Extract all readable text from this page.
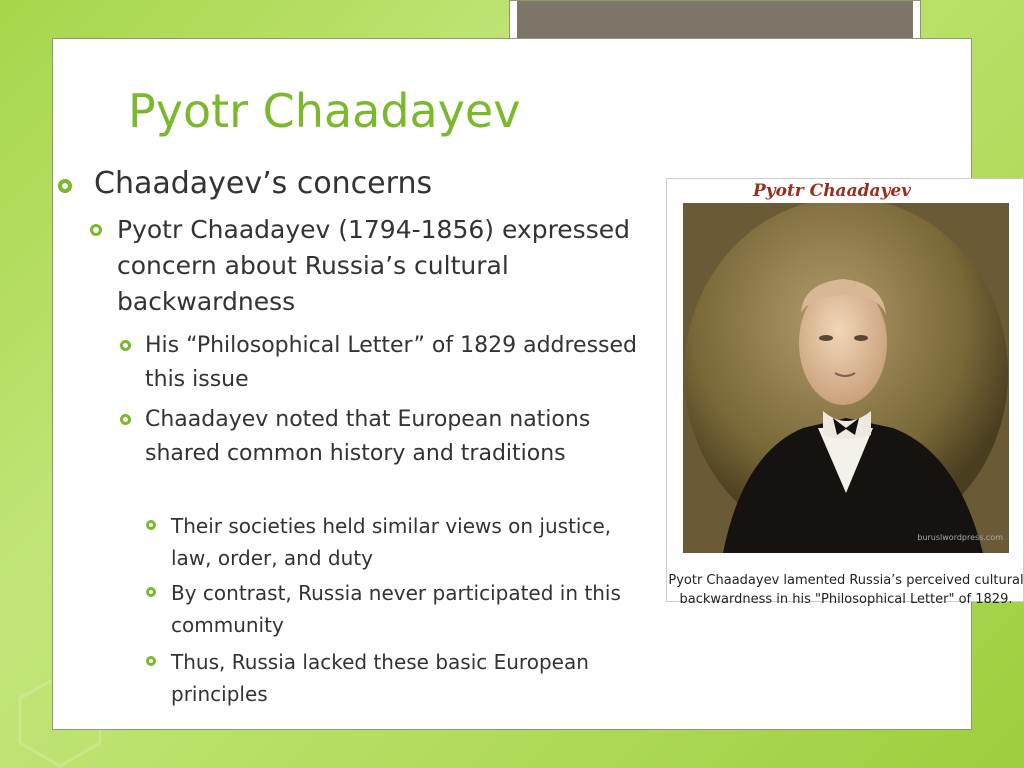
Pyotr Chaadayev
Chaadayev’s concerns
Pyotr Chaadayev (1794-1856) expressed concern about Russia’s cultural backwardness
His “Philosophical Letter” of 1829 addressed this issue
Chaadayev noted that European nations shared common history and traditions
Their societies held similar views on justice, law, order, and duty
By contrast, Russia never participated in this community
Thus, Russia lacked these basic European principles
Pyotr Chaadayev
buruslwordpress.com
Pyotr Chaadayev lamented Russia’s perceived cultural backwardness in his "Philosophical Letter" of 1829.
